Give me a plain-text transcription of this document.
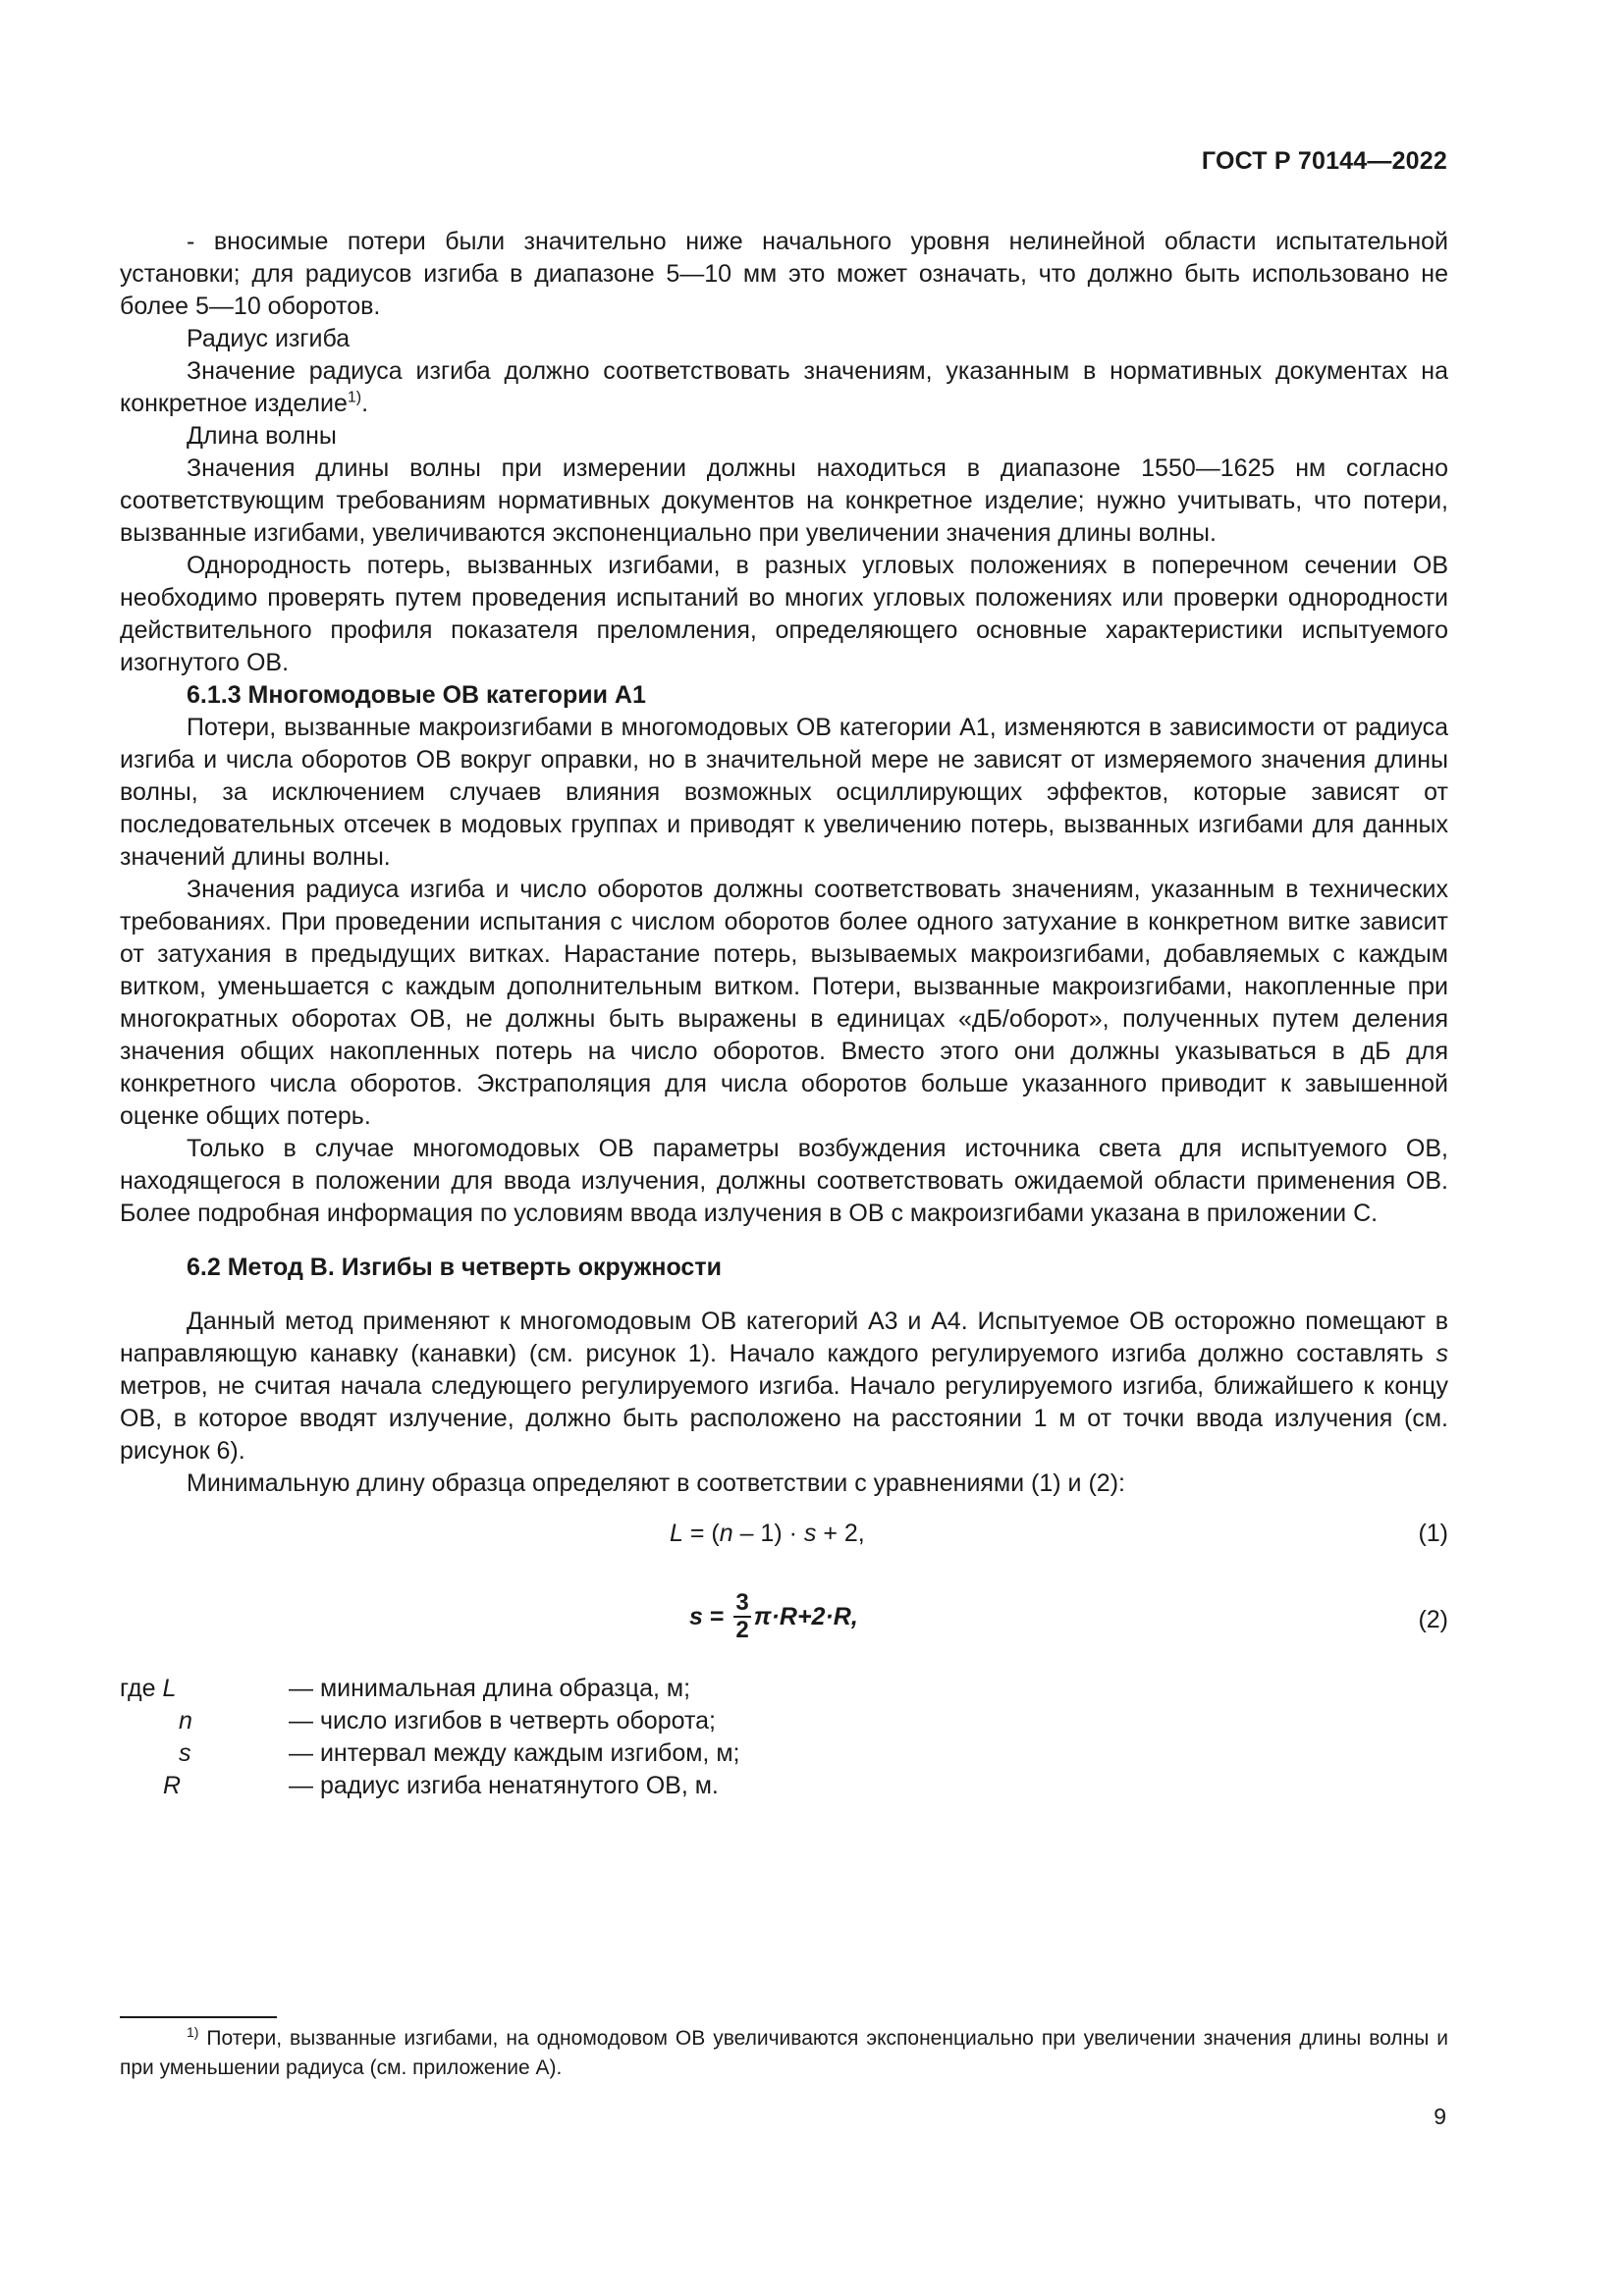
ГОСТ Р 70144—2022

- вносимые потери были значительно ниже начального уровня нелинейной области испытательной установки; для радиусов изгиба в диапазоне 5—10 мм это может означать, что должно быть использовано не более 5—10 оборотов.

Радиус изгиба

Значение радиуса изгиба должно соответствовать значениям, указанным в нормативных документах на конкретное изделие$^{1)}$.

Длина волны

Значения длины волны при измерении должны находиться в диапазоне 1550—1625 нм согласно соответствующим требованиям нормативных документов на конкретное изделие; нужно учитывать, что потери, вызванные изгибами, увеличиваются экспоненциально при увеличении значения длины волны.

Однородность потерь, вызванных изгибами, в разных угловых положениях в поперечном сечении ОВ необходимо проверять путем проведения испытаний во многих угловых положениях или проверки однородности действительного профиля показателя преломления, определяющего основные характеристики испытуемого изогнутого ОВ.

6.1.3 Многомодовые ОВ категории А1

Потери, вызванные макроизгибами в многомодовых ОВ категории А1, изменяются в зависимости от радиуса изгиба и числа оборотов ОВ вокруг оправки, но в значительной мере не зависят от измеряемого значения длины волны, за исключением случаев влияния возможных осциллирующих эффектов, которые зависят от последовательных отсечек в модовых группах и приводят к увеличению потерь, вызванных изгибами для данных значений длины волны.

Значения радиуса изгиба и число оборотов должны соответствовать значениям, указанным в технических требованиях. При проведении испытания с числом оборотов более одного затухание в конкретном витке зависит от затухания в предыдущих витках. Нарастание потерь, вызываемых макроизгибами, добавляемых с каждым витком, уменьшается с каждым дополнительным витком. Потери, вызванные макроизгибами, накопленные при многократных оборотах ОВ, не должны быть выражены в единицах «дБ/оборот», полученных путем деления значения общих накопленных потерь на число оборотов. Вместо этого они должны указываться в дБ для конкретного числа оборотов. Экстраполяция для числа оборотов больше указанного приводит к завышенной оценке общих потерь.

Только в случае многомодовых ОВ параметры возбуждения источника света для испытуемого ОВ, находящегося в положении для ввода излучения, должны соответствовать ожидаемой области применения ОВ. Более подробная информация по условиям ввода излучения в ОВ с макроизгибами указана в приложении С.

6.2 Метод В. Изгибы в четверть окружности

Данный метод применяют к многомодовым ОВ категорий А3 и А4. Испытуемое ОВ осторожно помещают в направляющую канавку (канавки) (см. рисунок 1). Начало каждого регулируемого изгиба должно составлять s метров, не считая начала следующего регулируемого изгиба. Начало регулируемого изгиба, ближайшего к концу ОВ, в которое вводят излучение, должно быть расположено на расстоянии 1 м от точки ввода излучения (см. рисунок 6).

Минимальную длину образца определяют в соответствии с уравнениями (1) и (2):

L = (n – 1) · s + 2,	(1)
$s = \frac{3}{2} \pi\cdot R+2\cdot R$,	(2)
где L	— минимальная длина образца, м;
n	— число изгибов в четверть оборота;
s	— интервал между каждым изгибом, м;
R	— радиус изгиба ненатянутого ОВ, м.

$^{1)}$ Потери, вызванные изгибами, на одномодовом ОВ увеличиваются экспоненциально при увеличении значения длины волны и при уменьшении радиуса (см. приложение А).

9
